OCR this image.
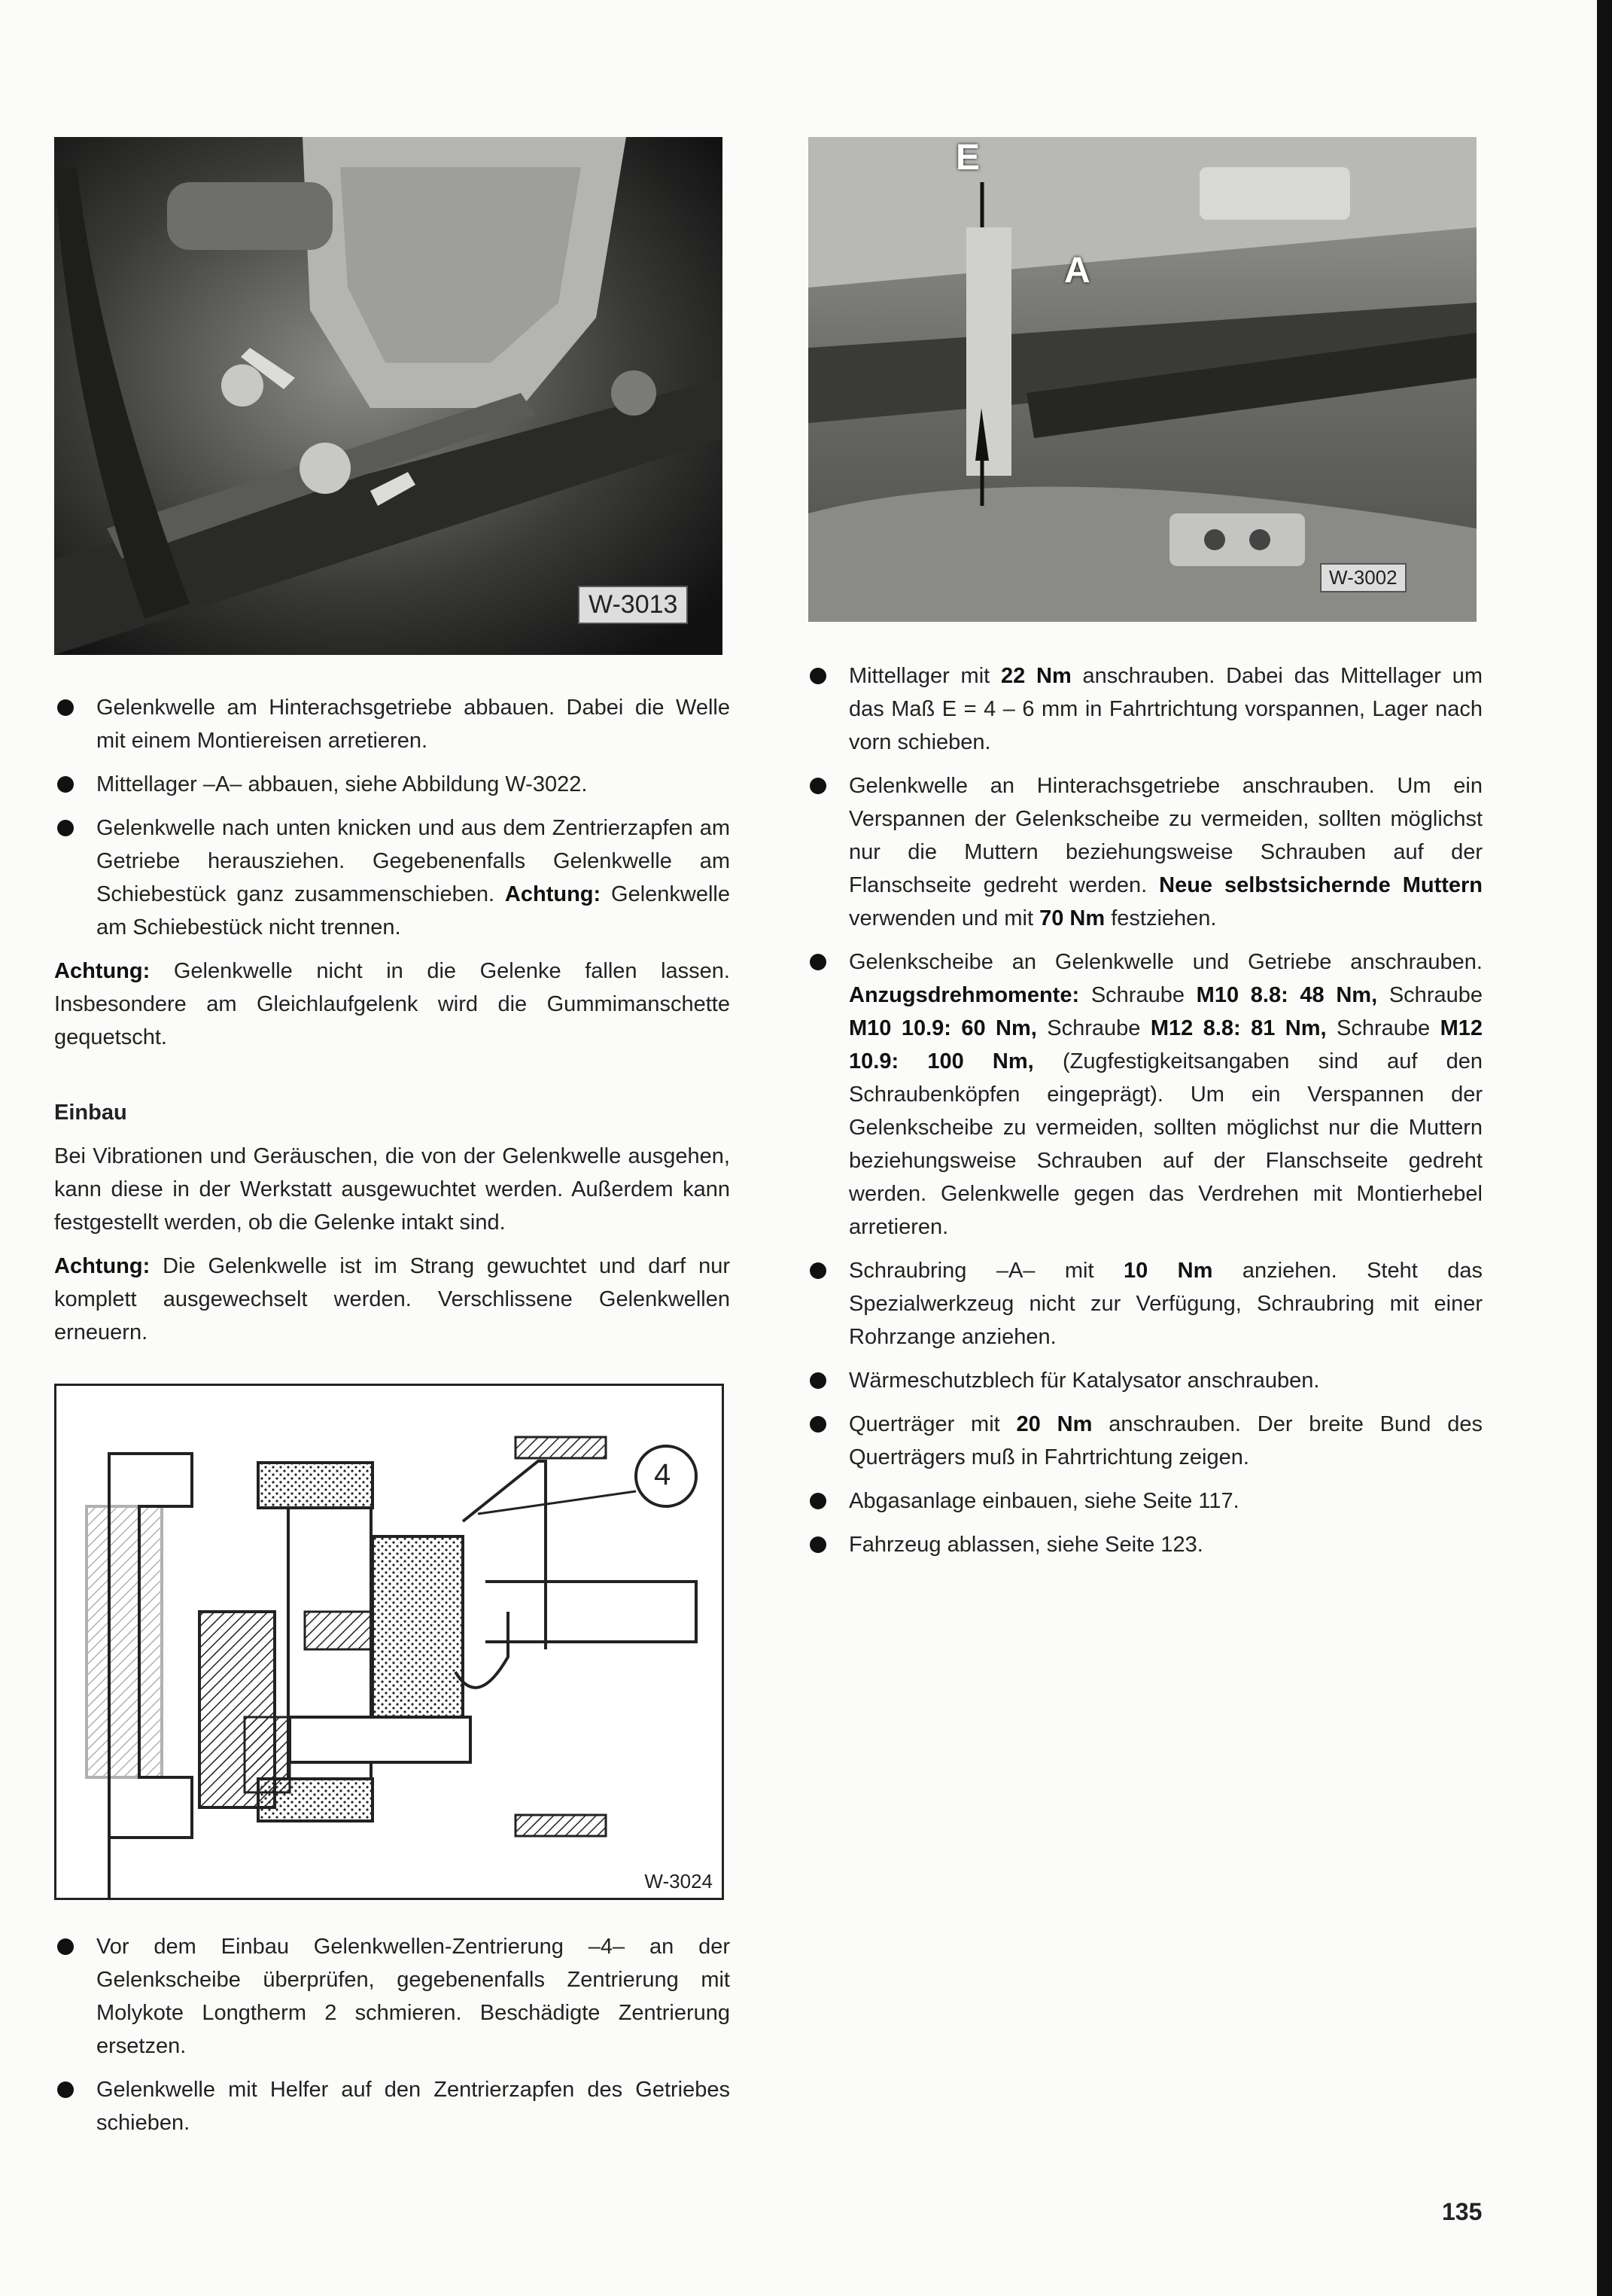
W-3013
E
A
W-3002
Gelenkwelle am Hinterachsgetriebe abbauen. Dabei die Welle mit einem Montiereisen arretieren.
Mittellager –A– abbauen, siehe Abbildung W-3022.
Gelenkwelle nach unten knicken und aus dem Zentrierzapfen am Getriebe herausziehen. Gegebenenfalls Gelenkwelle am Schiebestück ganz zusammenschieben. Achtung: Gelenkwelle am Schiebestück nicht trennen.
Achtung: Gelenkwelle nicht in die Gelenke fallen lassen. Insbesondere am Gleichlaufgelenk wird die Gummimanschette gequetscht.
Einbau
Bei Vibrationen und Geräuschen, die von der Gelenkwelle ausgehen, kann diese in der Werkstatt ausgewuchtet werden. Außerdem kann festgestellt werden, ob die Gelenke intakt sind.
Achtung: Die Gelenkwelle ist im Strang gewuchtet und darf nur komplett ausgewechselt werden. Verschlissene Gelenkwellen erneuern.
4
W-3024
Vor dem Einbau Gelenkwellen-Zentrierung –4– an der Gelenkscheibe überprüfen, gegebenenfalls Zentrierung mit Molykote Longtherm 2 schmieren. Beschädigte Zentrierung ersetzen.
Gelenkwelle mit Helfer auf den Zentrierzapfen des Getriebes schieben.
Mittellager mit 22 Nm anschrauben. Dabei das Mittellager um das Maß E = 4 – 6 mm in Fahrtrichtung vorspannen, Lager nach vorn schieben.
Gelenkwelle an Hinterachsgetriebe anschrauben. Um ein Verspannen der Gelenkscheibe zu vermeiden, sollten möglichst nur die Muttern beziehungsweise Schrauben auf der Flanschseite gedreht werden. Neue selbstsichernde Muttern verwenden und mit 70 Nm festziehen.
Gelenkscheibe an Gelenkwelle und Getriebe anschrauben. Anzugsdrehmomente: Schraube M10 8.8: 48 Nm, Schraube M10 10.9: 60 Nm, Schraube M12 8.8: 81 Nm, Schraube M12 10.9: 100 Nm, (Zugfestigkeitsangaben sind auf den Schraubenköpfen eingeprägt). Um ein Verspannen der Gelenkscheibe zu vermeiden, sollten möglichst nur die Muttern beziehungsweise Schrauben auf der Flanschseite gedreht werden. Gelenkwelle gegen das Verdrehen mit Montierhebel arretieren.
Schraubring –A– mit 10 Nm anziehen. Steht das Spezialwerkzeug nicht zur Verfügung, Schraubring mit einer Rohrzange anziehen.
Wärmeschutzblech für Katalysator anschrauben.
Querträger mit 20 Nm anschrauben. Der breite Bund des Querträgers muß in Fahrtrichtung zeigen.
Abgasanlage einbauen, siehe Seite 117.
Fahrzeug ablassen, siehe Seite 123.
135
